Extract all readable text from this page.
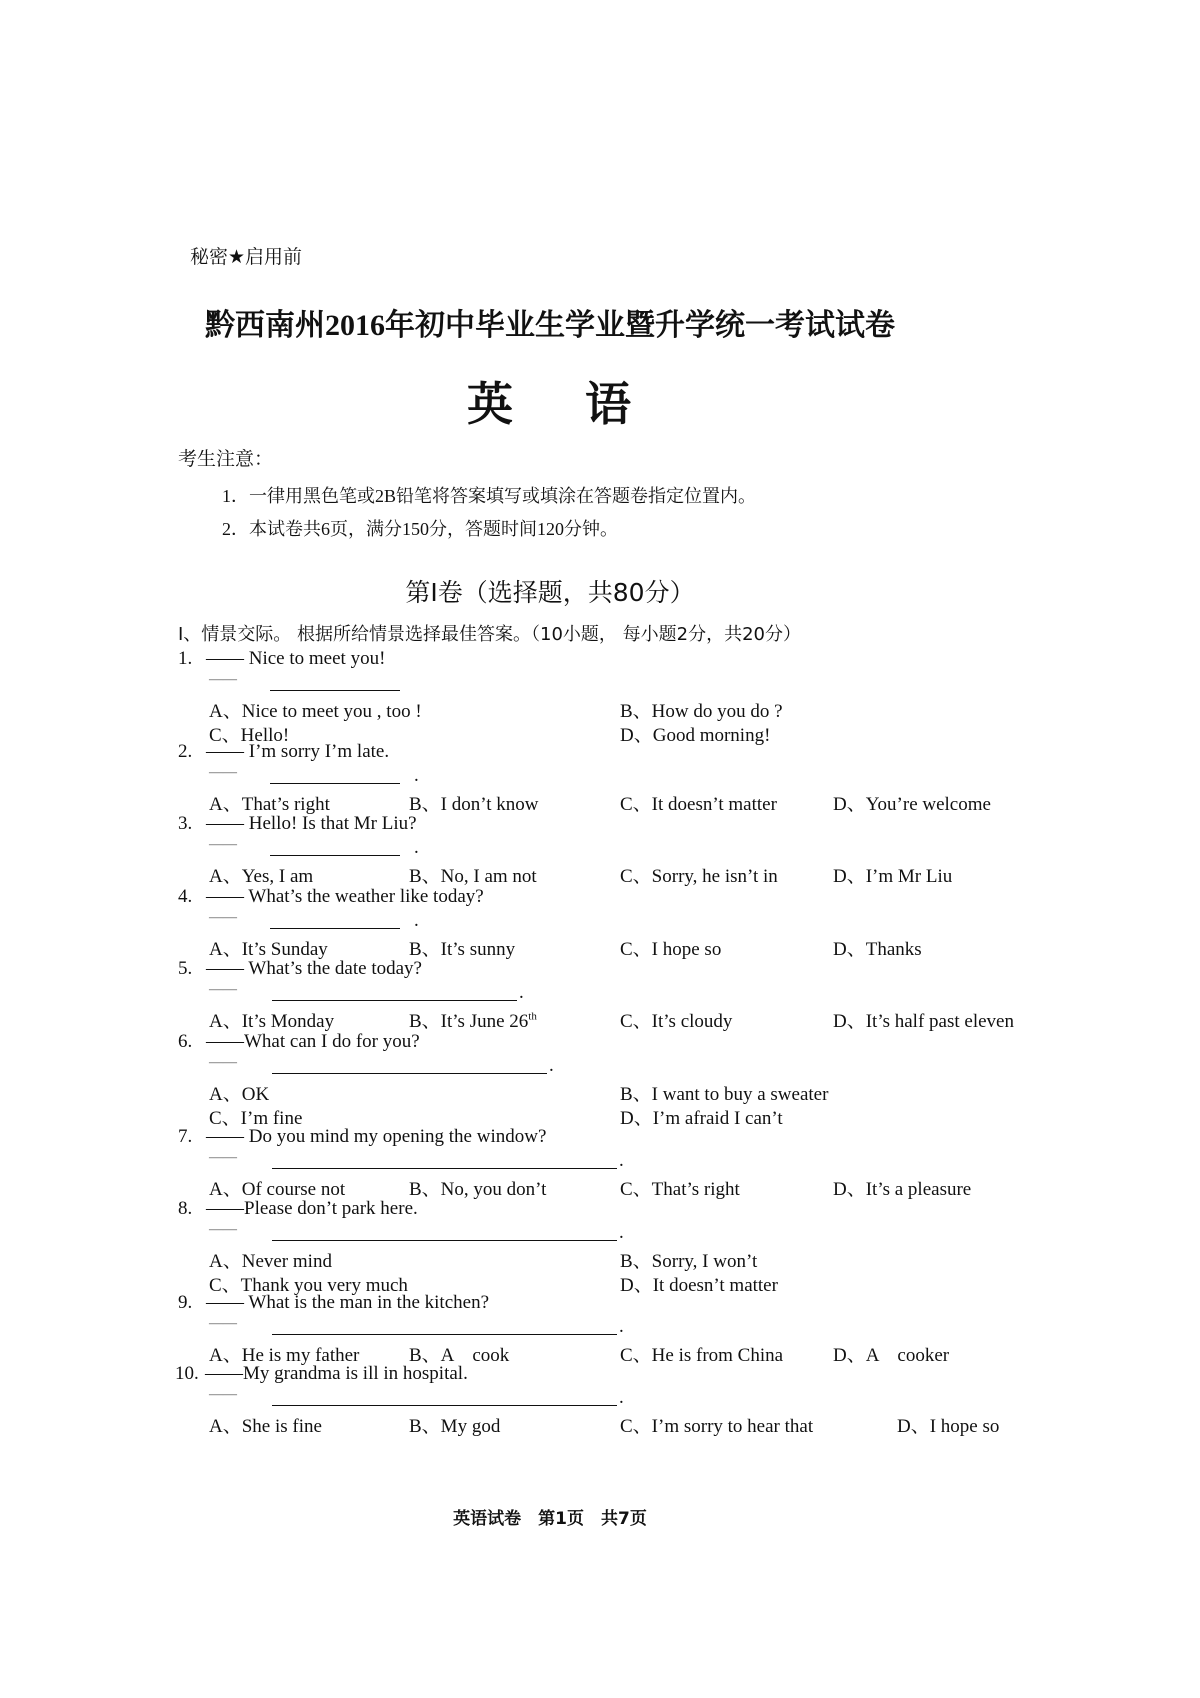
秘密★启用前
黔西南州2016年初中毕业生学业暨升学统一考试试卷
英 语
考生注意：
1．一律用黑色笔或2B铅笔将答案填写或填涂在答题卷指定位置内。
2．本试卷共6页，满分150分，答题时间120分钟。
第Ⅰ卷（选择题，共80分）
Ⅰ、情景交际。 根据所给情景选择最佳答案。（10小题， 每小题2分，共20分）
1. —— Nice to meet you!
——
A、Nice to meet you , too !	B、How do you do ?
C、Hello!	D、Good morning!
2. —— I’m sorry I’m late.
——	.
A、That’s right	B、I don’t know	C、It doesn’t matter	D、You’re welcome
3. —— Hello! Is that Mr Liu?
——	.
A、Yes, I am	B、No, I am not	C、Sorry, he isn’t in	D、I’m Mr Liu
4. —— What’s the weather like today?
——	.
A、It’s Sunday	B、It’s sunny	C、I hope so	D、Thanks
5. —— What’s the date today?
——	.
A、It’s Monday	B、It’s June 26th	C、It’s cloudy	D、It’s half past eleven
6. ——What can I do for you?
——	.
A、OK	B、I want to buy a sweater
C、I’m fine	D、I’m afraid I can’t
7. —— Do you mind my opening the window?
——	.
A、Of course not	B、No, you don’t	C、That’s right	D、It’s a pleasure
8. ——Please don’t park here.
——	.
A、Never mind	B、Sorry, I won’t
C、Thank you very much	D、It doesn’t matter
9. —— What is the man in the kitchen?
——	.
A、He is my father	B、A　cook	C、He is from China	D、A　cooker
10. ——My grandma is ill in hospital.
——	.
A、She is fine	B、My god	C、I’m sorry to hear that	D、I hope so
英语试卷　第1页　共7页
